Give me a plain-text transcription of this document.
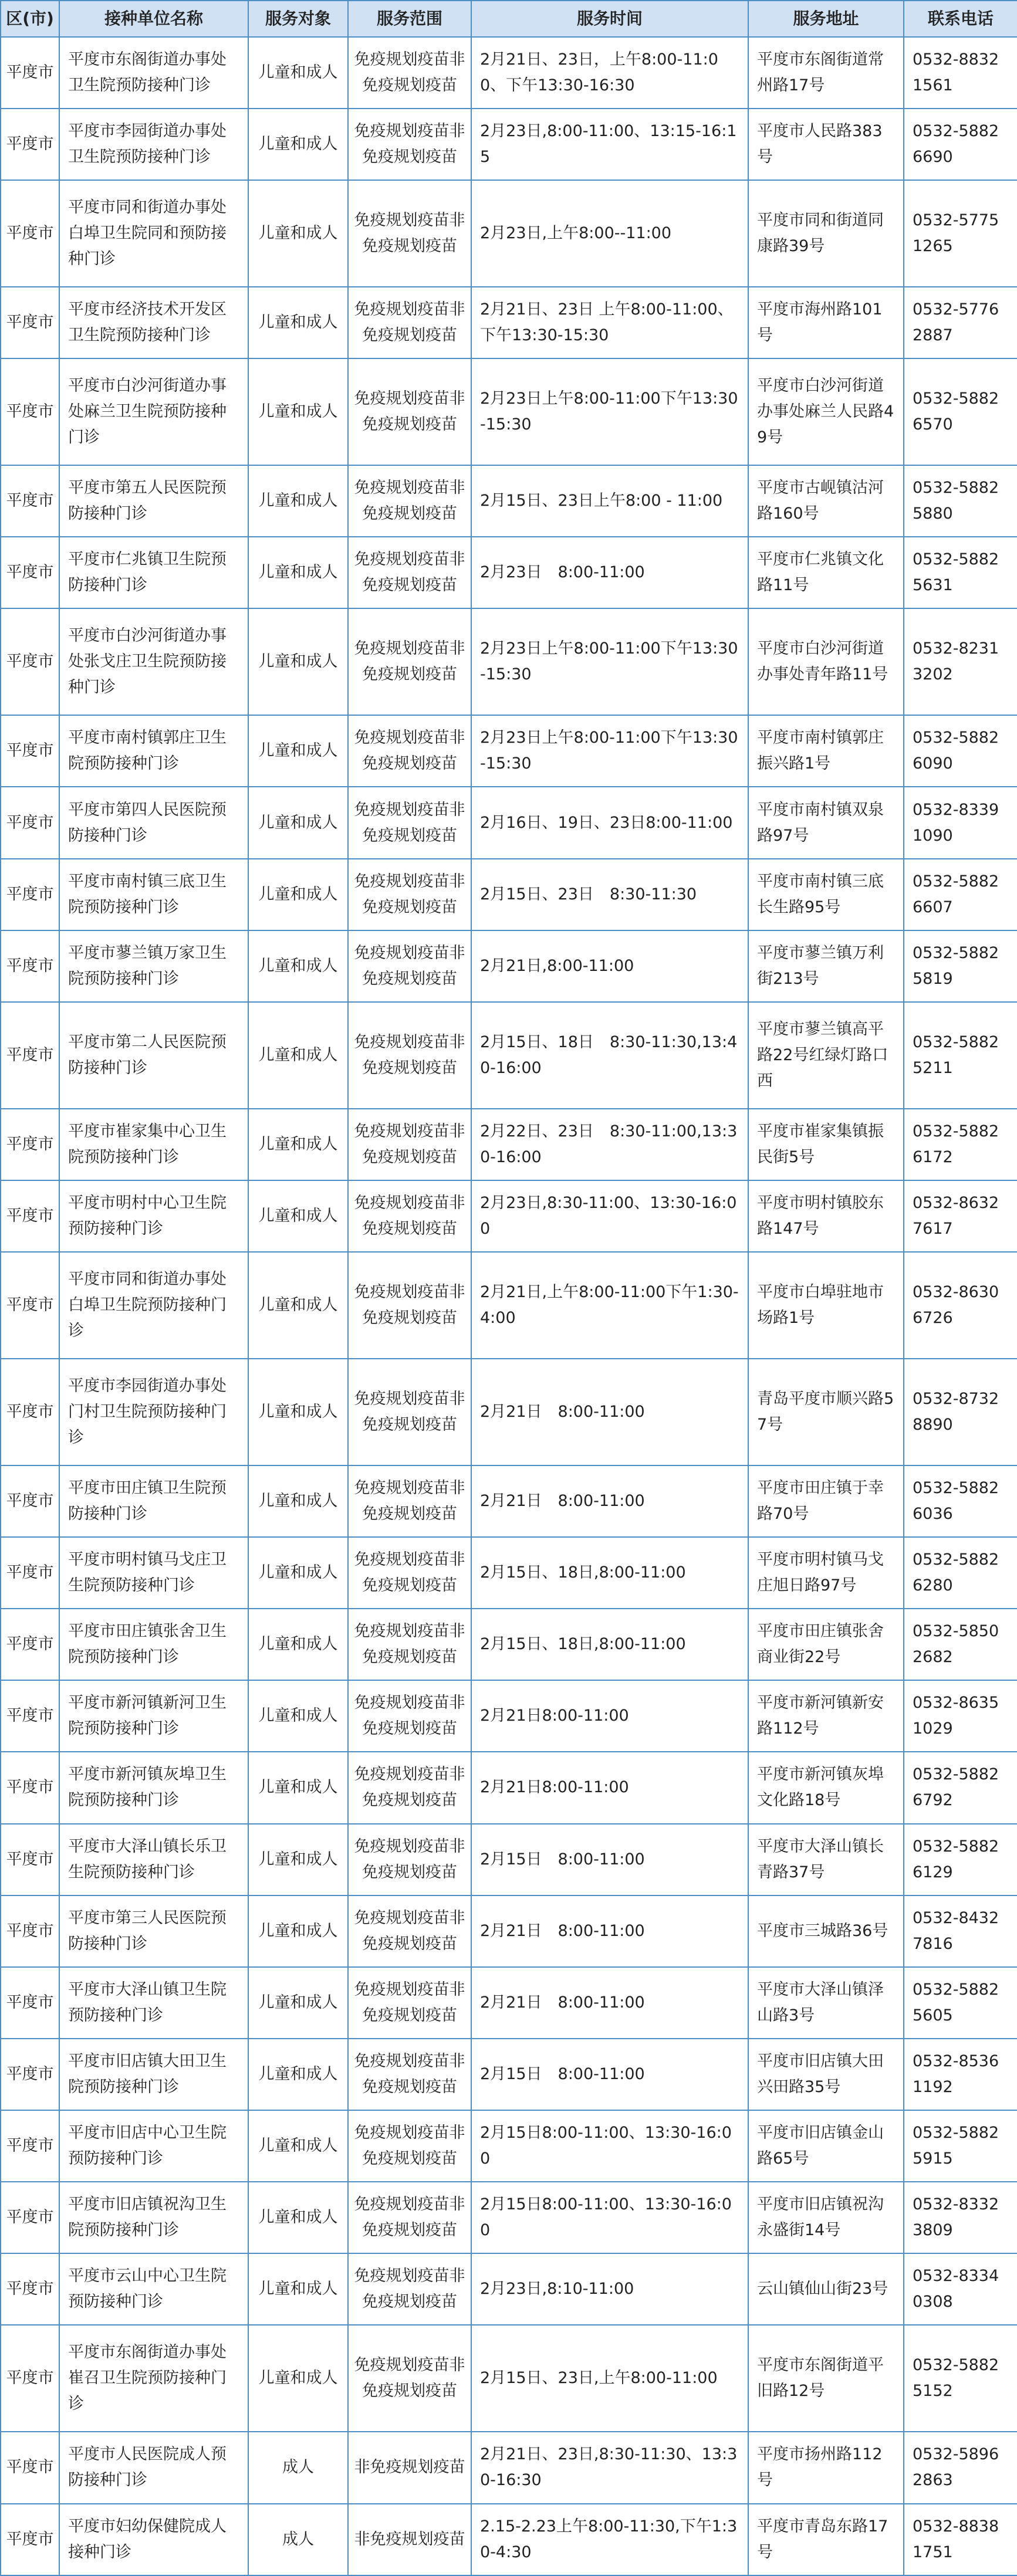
区(市)	接种单位名称	服务对象	服务范围	服务时间	服务地址	联系电话
平度市	平度市东阁街道办事处卫生院预防接种门诊	儿童和成人	免疫规划疫苗非免疫规划疫苗	2月21日、23日，上午8:00-11:00、下午13:30-16:30	平度市东阁街道常州路17号	0532-88321561
平度市	平度市李园街道办事处卫生院预防接种门诊	儿童和成人	免疫规划疫苗非免疫规划疫苗	2月23日,8:00-11:00、13:15-16:15	平度市人民路383号	0532-58826690
平度市	平度市同和街道办事处白埠卫生院同和预防接种门诊	儿童和成人	免疫规划疫苗非免疫规划疫苗	2月23日,上午8:00--11:00	平度市同和街道同康路39号	0532-57751265
平度市	平度市经济技术开发区卫生院预防接种门诊	儿童和成人	免疫规划疫苗非免疫规划疫苗	2月21日、23日 上午8:00-11:00、下午13:30-15:30	平度市海州路101号	0532-57762887
平度市	平度市白沙河街道办事处麻兰卫生院预防接种门诊	儿童和成人	免疫规划疫苗非免疫规划疫苗	2月23日上午8:00-11:00下午13:30-15:30	平度市白沙河街道办事处麻兰人民路49号	0532-58826570
平度市	平度市第五人民医院预防接种门诊	儿童和成人	免疫规划疫苗非免疫规划疫苗	2月15日、23日上午8:00 - 11:00	平度市古岘镇沽河路160号	0532-58825880
平度市	平度市仁兆镇卫生院预防接种门诊	儿童和成人	免疫规划疫苗非免疫规划疫苗	2月23日　8:00-11:00	平度市仁兆镇文化路11号	0532-58825631
平度市	平度市白沙河街道办事处张戈庄卫生院预防接种门诊	儿童和成人	免疫规划疫苗非免疫规划疫苗	2月23日上午8:00-11:00下午13:30-15:30	平度市白沙河街道办事处青年路11号	0532-82313202
平度市	平度市南村镇郭庄卫生院预防接种门诊	儿童和成人	免疫规划疫苗非免疫规划疫苗	2月23日上午8:00-11:00下午13:30-15:30	平度市南村镇郭庄振兴路1号	0532-58826090
平度市	平度市第四人民医院预防接种门诊	儿童和成人	免疫规划疫苗非免疫规划疫苗	2月16日、19日、23日8:00-11:00	平度市南村镇双泉路97号	0532-83391090
平度市	平度市南村镇三底卫生院预防接种门诊	儿童和成人	免疫规划疫苗非免疫规划疫苗	2月15日、23日　8:30-11:30	平度市南村镇三底长生路95号	0532-58826607
平度市	平度市蓼兰镇万家卫生院预防接种门诊	儿童和成人	免疫规划疫苗非免疫规划疫苗	2月21日,8:00-11:00	平度市蓼兰镇万利街213号	0532-58825819
平度市	平度市第二人民医院预防接种门诊	儿童和成人	免疫规划疫苗非免疫规划疫苗	2月15日、18日　8:30-11:30,13:40-16:00	平度市蓼兰镇高平路22号红绿灯路口西	0532-58825211
平度市	平度市崔家集中心卫生院预防接种门诊	儿童和成人	免疫规划疫苗非免疫规划疫苗	2月22日、23日　8:30-11:00,13:30-16:00	平度市崔家集镇振民街5号	0532-58826172
平度市	平度市明村中心卫生院预防接种门诊	儿童和成人	免疫规划疫苗非免疫规划疫苗	2月23日,8:30-11:00、13:30-16:00	平度市明村镇胶东路147号	0532-86327617
平度市	平度市同和街道办事处白埠卫生院预防接种门诊	儿童和成人	免疫规划疫苗非免疫规划疫苗	2月21日,上午8:00-11:00下午1:30-4:00	平度市白埠驻地市场路1号	0532-86306726
平度市	平度市李园街道办事处门村卫生院预防接种门诊	儿童和成人	免疫规划疫苗非免疫规划疫苗	2月21日　8:00-11:00	青岛平度市顺兴路57号	0532-87328890
平度市	平度市田庄镇卫生院预防接种门诊	儿童和成人	免疫规划疫苗非免疫规划疫苗	2月21日　8:00-11:00	平度市田庄镇于幸路70号	0532-58826036
平度市	平度市明村镇马戈庄卫生院预防接种门诊	儿童和成人	免疫规划疫苗非免疫规划疫苗	2月15日、18日,8:00-11:00	平度市明村镇马戈庄旭日路97号	0532-58826280
平度市	平度市田庄镇张舍卫生院预防接种门诊	儿童和成人	免疫规划疫苗非免疫规划疫苗	2月15日、18日,8:00-11:00	平度市田庄镇张舍商业街22号	0532-58502682
平度市	平度市新河镇新河卫生院预防接种门诊	儿童和成人	免疫规划疫苗非免疫规划疫苗	2月21日8:00-11:00	平度市新河镇新安路112号	0532-86351029
平度市	平度市新河镇灰埠卫生院预防接种门诊	儿童和成人	免疫规划疫苗非免疫规划疫苗	2月21日8:00-11:00	平度市新河镇灰埠文化路18号	0532-58826792
平度市	平度市大泽山镇长乐卫生院预防接种门诊	儿童和成人	免疫规划疫苗非免疫规划疫苗	2月15日　8:00-11:00	平度市大泽山镇长青路37号	0532-58826129
平度市	平度市第三人民医院预防接种门诊	儿童和成人	免疫规划疫苗非免疫规划疫苗	2月21日　8:00-11:00	平度市三城路36号	0532-84327816
平度市	平度市大泽山镇卫生院预防接种门诊	儿童和成人	免疫规划疫苗非免疫规划疫苗	2月21日　8:00-11:00	平度市大泽山镇泽山路3号	0532-58825605
平度市	平度市旧店镇大田卫生院预防接种门诊	儿童和成人	免疫规划疫苗非免疫规划疫苗	2月15日　8:00-11:00	平度市旧店镇大田兴田路35号	0532-85361192
平度市	平度市旧店中心卫生院预防接种门诊	儿童和成人	免疫规划疫苗非免疫规划疫苗	2月15日8:00-11:00、13:30-16:00	平度市旧店镇金山路65号	0532-58825915
平度市	平度市旧店镇祝沟卫生院预防接种门诊	儿童和成人	免疫规划疫苗非免疫规划疫苗	2月15日8:00-11:00、13:30-16:00	平度市旧店镇祝沟永盛街14号	0532-83323809
平度市	平度市云山中心卫生院预防接种门诊	儿童和成人	免疫规划疫苗非免疫规划疫苗	2月23日,8:10-11:00	云山镇仙山街23号	0532-83340308
平度市	平度市东阁街道办事处崔召卫生院预防接种门诊	儿童和成人	免疫规划疫苗非免疫规划疫苗	2月15日、23日,上午8:00-11:00	平度市东阁街道平旧路12号	0532-58825152
平度市	平度市人民医院成人预防接种门诊	成人	非免疫规划疫苗	2月21日、23日,8:30-11:30、13:30-16:30	平度市扬州路112号	0532-58962863
平度市	平度市妇幼保健院成人接种门诊	成人	非免疫规划疫苗	2.15-2.23上午8:00-11:30,下午1:30-4:30	平度市青岛东路17号	0532-88381751
